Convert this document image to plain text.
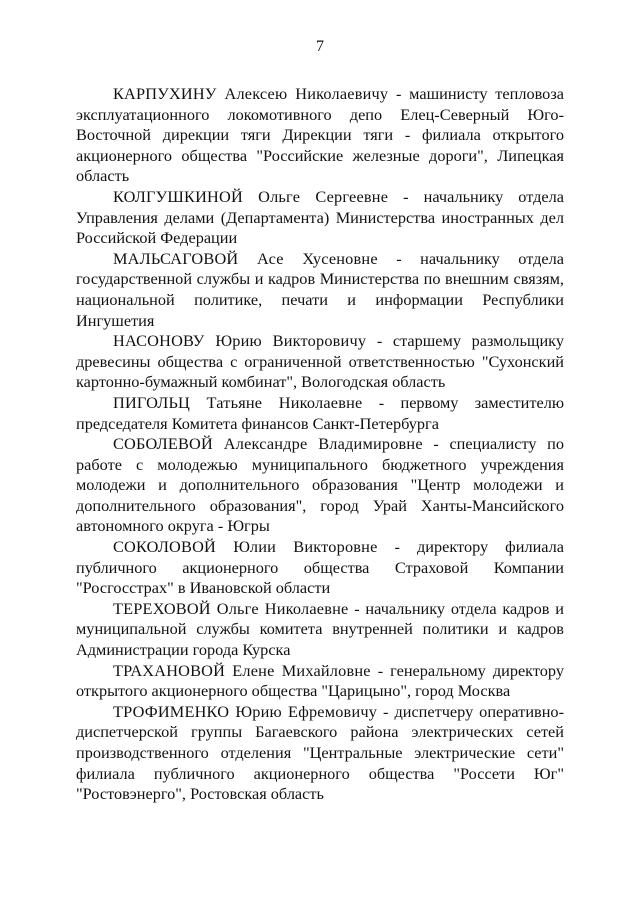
7

КАРПУХИНУ Алексею Николаевичу - машинисту тепловоза эксплуатационного локомотивного депо Елец-Северный Юго-Восточной дирекции тяги Дирекции тяги - филиала открытого акционерного общества "Российские железные дороги", Липецкая область

КОЛГУШКИНОЙ Ольге Сергеевне - начальнику отдела Управления делами (Департамента) Министерства иностранных дел Российской Федерации

МАЛЬСАГОВОЙ Асе Хусеновне - начальнику отдела государственной службы и кадров Министерства по внешним связям, национальной политике, печати и информации Республики Ингушетия

НАСОНОВУ Юрию Викторовичу - старшему размольщику древесины общества с ограниченной ответственностью "Сухонский картонно-бумажный комбинат", Вологодская область

ПИГОЛЬЦ Татьяне Николаевне - первому заместителю председателя Комитета финансов Санкт-Петербурга

СОБОЛЕВОЙ Александре Владимировне - специалисту по работе с молодежью муниципального бюджетного учреждения молодежи и дополнительного образования "Центр молодежи и дополнительного образования", город Урай Ханты-Мансийского автономного округа - Югры

СОКОЛОВОЙ Юлии Викторовне - директору филиала публичного акционерного общества Страховой Компании "Росгосстрах" в Ивановской области

ТЕРЕХОВОЙ Ольге Николаевне - начальнику отдела кадров и муниципальной службы комитета внутренней политики и кадров Администрации города Курска

ТРАХАНОВОЙ Елене Михайловне - генеральному директору открытого акционерного общества "Царицыно", город Москва

ТРОФИМЕНКО Юрию Ефремовичу - диспетчеру оперативно-диспетчерской группы Багаевского района электрических сетей производственного отделения "Центральные электрические сети" филиала публичного акционерного общества "Россети Юг" "Ростовэнерго", Ростовская область
